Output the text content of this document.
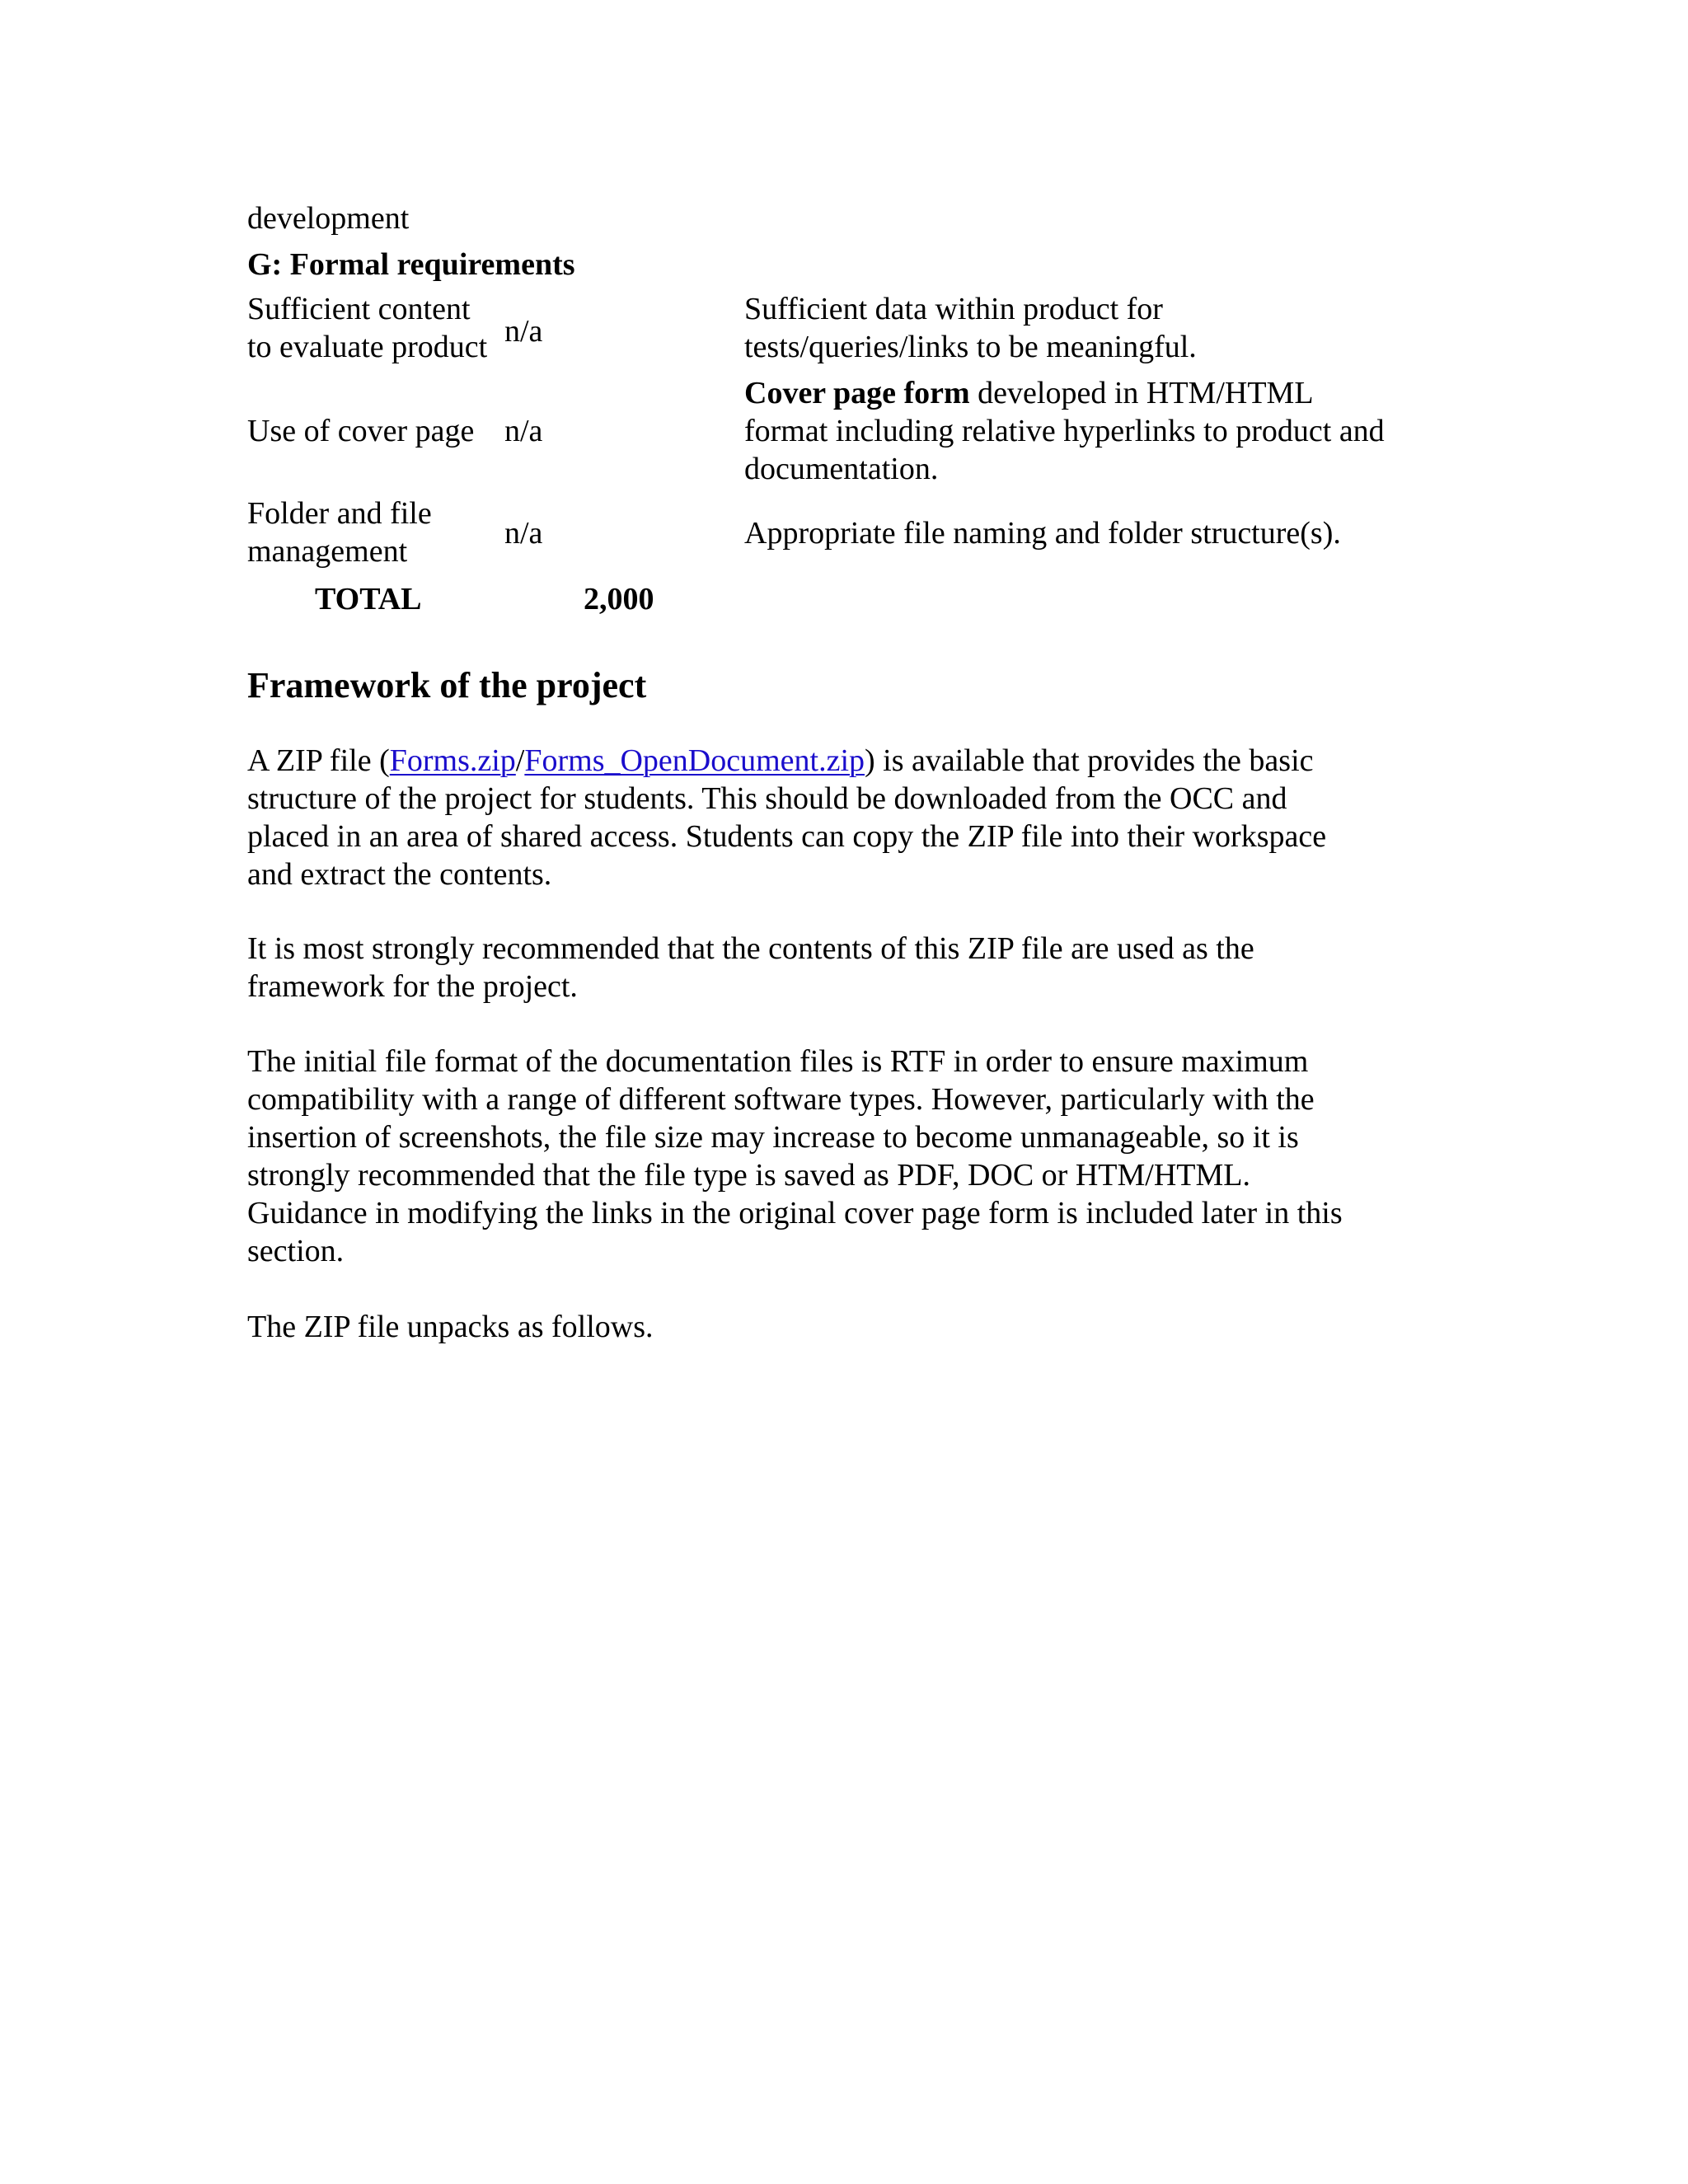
development
G: Formal requirements
Sufficient content
to evaluate product n/a
Sufficient data within product for
tests/queries/links to be meaningful.
Use of cover page n/a
Cover page form developed in HTM/HTML
format including relative hyperlinks to product and
documentation.
Folder and file
management
n/a	Appropriate file naming and folder structure(s).
TOTAL	2,000
Framework of the project
A ZIP file (Forms.zip/Forms_OpenDocument.zip) is available that provides the basic
structure of the project for students. This should be downloaded from the OCC and
placed in an area of shared access. Students can copy the ZIP file into their workspace
and extract the contents.
It is most strongly recommended that the contents of this ZIP file are used as the
framework for the project.
The initial file format of the documentation files is RTF in order to ensure maximum
compatibility with a range of different software types. However, particularly with the
insertion of screenshots, the file size may increase to become unmanageable, so it is
strongly recommended that the file type is saved as PDF, DOC or HTM/HTML.
Guidance in modifying the links in the original cover page form is included later in this
section.
The ZIP file unpacks as follows.
